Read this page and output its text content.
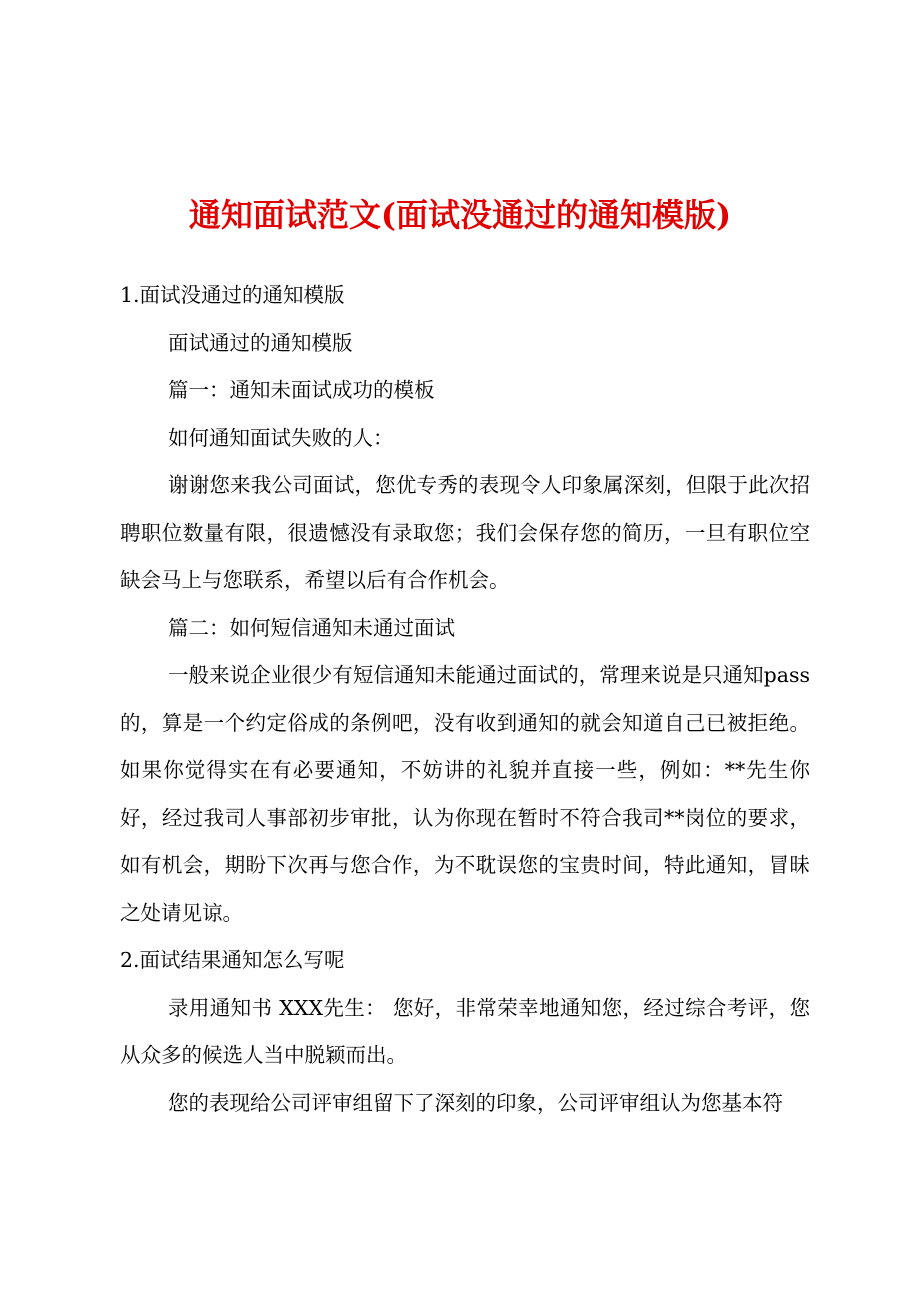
通知面试范文(面试没通过的通知模版)

1.面试没通过的通知模版

面试通过的通知模版

篇一：通知未面试成功的模板

如何通知面试失败的人：

谢谢您来我公司面试，您优专秀的表现令人印象属深刻，但限于此次招聘职位数量有限，很遗憾没有录取您；我们会保存您的简历，一旦有职位空缺会马上与您联系，希望以后有合作机会。

篇二：如何短信通知未通过面试

一般来说企业很少有短信通知未能通过面试的，常理来说是只通知pass的，算是一个约定俗成的条例吧，没有收到通知的就会知道自己已被拒绝。如果你觉得实在有必要通知，不妨讲的礼貌并直接一些，例如：**先生你好，经过我司人事部初步审批，认为你现在暂时不符合我司**岗位的要求，如有机会，期盼下次再与您合作，为不耽误您的宝贵时间，特此通知，冒昧之处请见谅。

2.面试结果通知怎么写呢

录用通知书 XXX先生： 您好，非常荣幸地通知您，经过综合考评，您从众多的候选人当中脱颖而出。

您的表现给公司评审组留下了深刻的印象，公司评审组认为您基本符
